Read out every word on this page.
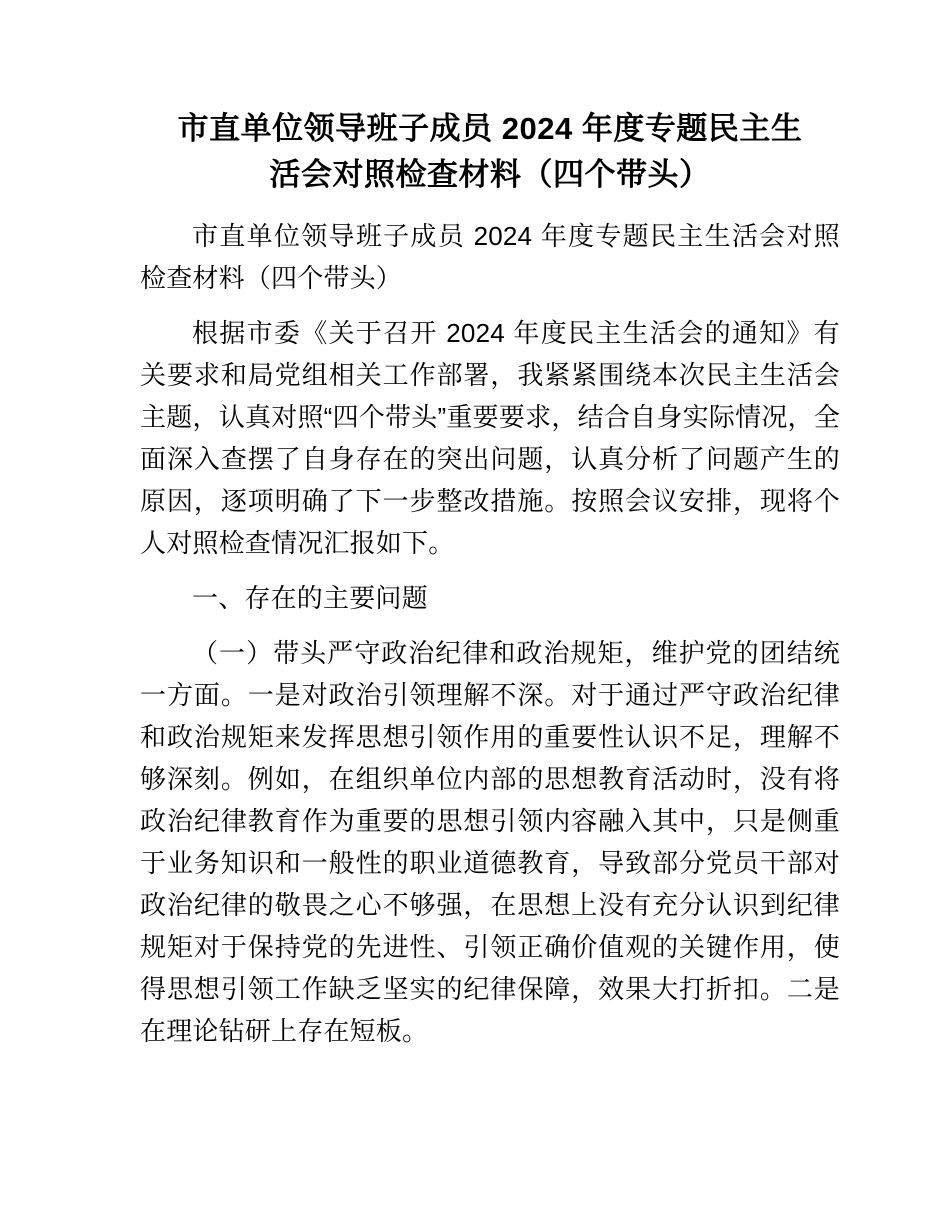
市直单位领导班子成员 2024 年度专题民主生
活会对照检查材料（四个带头）

市直单位领导班子成员 2024 年度专题民主生活会对照检查材料（四个带头）

根据市委《关于召开 2024 年度民主生活会的通知》有关要求和局党组相关工作部署，我紧紧围绕本次民主生活会主题，认真对照“四个带头”重要要求，结合自身实际情况，全面深入查摆了自身存在的突出问题，认真分析了问题产生的原因，逐项明确了下一步整改措施。按照会议安排，现将个人对照检查情况汇报如下。

一、存在的主要问题

（一）带头严守政治纪律和政治规矩，维护党的团结统一方面。一是对政治引领理解不深。对于通过严守政治纪律和政治规矩来发挥思想引领作用的重要性认识不足，理解不够深刻。例如，在组织单位内部的思想教育活动时，没有将政治纪律教育作为重要的思想引领内容融入其中，只是侧重于业务知识和一般性的职业道德教育，导致部分党员干部对政治纪律的敬畏之心不够强，在思想上没有充分认识到纪律规矩对于保持党的先进性、引领正确价值观的关键作用，使得思想引领工作缺乏坚实的纪律保障，效果大打折扣。二是在理论钻研上存在短板。
